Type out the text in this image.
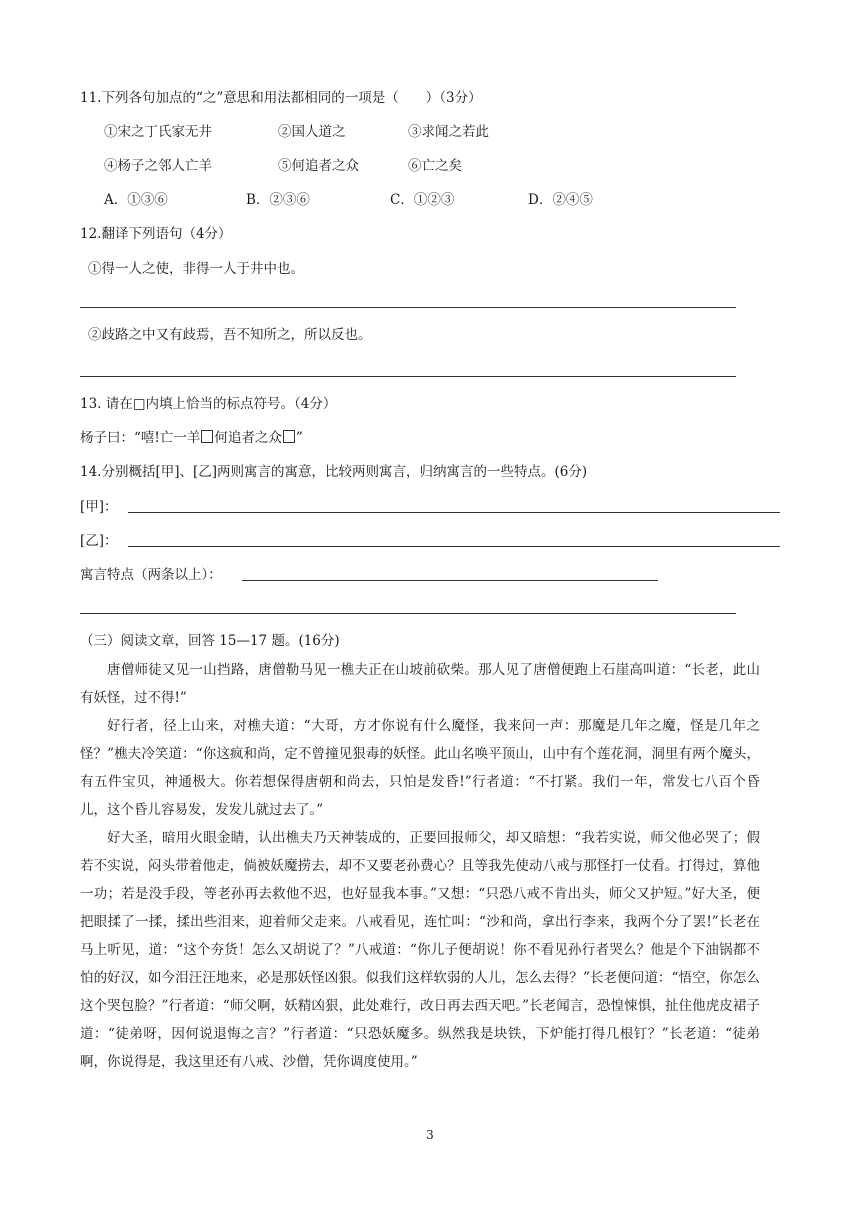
11.下列各句加点的“之”意思和用法都相同的一项是（　　）（3分）
①宋之丁氏家无井	②国人道之	③求闻之若此
④杨子之邻人亡羊	⑤何追者之众	⑥亡之矣
A．①③⑥	B．②③⑥	C．①②③	D．②④⑤
12.翻译下列语句（4分）
①得一人之使，非得一人于井中也。
②歧路之中又有歧焉，吾不知所之，所以反也。
13. 请在□内填上恰当的标点符号。（4分）
杨子曰：“嘻!亡一羊 何追者之众 ”
14.分别概括[甲]、[乙]两则寓言的寓意，比较两则寓言，归纳寓言的一些特点。(6分)
[甲]：
[乙]：
寓言特点（两条以上）：
（三）阅读文章，回答 15—17 题。(16分)

唐僧师徒又见一山挡路，唐僧勒马见一樵夫正在山坡前砍柴。那人见了唐僧便跑上石崖高叫道：“长老，此山有妖怪，过不得!”

好行者，径上山来，对樵夫道：“大哥，方才你说有什么魔怪，我来问一声：那魔是几年之魔，怪是几年之怪？”樵夫冷笑道：“你这疯和尚，定不曾撞见狠毒的妖怪。此山名唤平顶山，山中有个莲花洞，洞里有两个魔头，有五件宝贝，神通极大。你若想保得唐朝和尚去，只怕是发昏!”行者道：“不打紧。我们一年，常发七八百个昏儿，这个昏儿容易发，发发儿就过去了。”

好大圣，暗用火眼金睛，认出樵夫乃天神装成的，正要回报师父，却又暗想：“我若实说，师父他必哭了；假若不实说，闷头带着他走，倘被妖魔捞去，却不又要老孙费心？且等我先使动八戒与那怪打一仗看。打得过，算他一功；若是没手段，等老孙再去救他不迟，也好显我本事。”又想：“只恐八戒不肯出头，师父又护短。”好大圣，便把眼揉了一揉，揉出些泪来，迎着师父走来。八戒看见，连忙叫：“沙和尚，拿出行李来，我两个分了罢!”长老在马上听见，道：“这个夯货！怎么又胡说了？”八戒道：“你儿子便胡说！你不看见孙行者哭么？他是个下油锅都不怕的好汉，如今泪汪汪地来，必是那妖怪凶狠。似我们这样软弱的人儿，怎么去得？”长老便问道：“悟空，你怎么这个哭包脸？”行者道：“师父啊，妖精凶狠，此处难行，改日再去西天吧。”长老闻言，恐惶悚惧，扯住他虎皮裙子道：“徒弟呀，因何说退悔之言？”行者道：“只恐妖魔多。纵然我是块铁，下炉能打得几根钉？”长老道：“徒弟啊，你说得是，我这里还有八戒、沙僧，凭你调度使用。”

3
